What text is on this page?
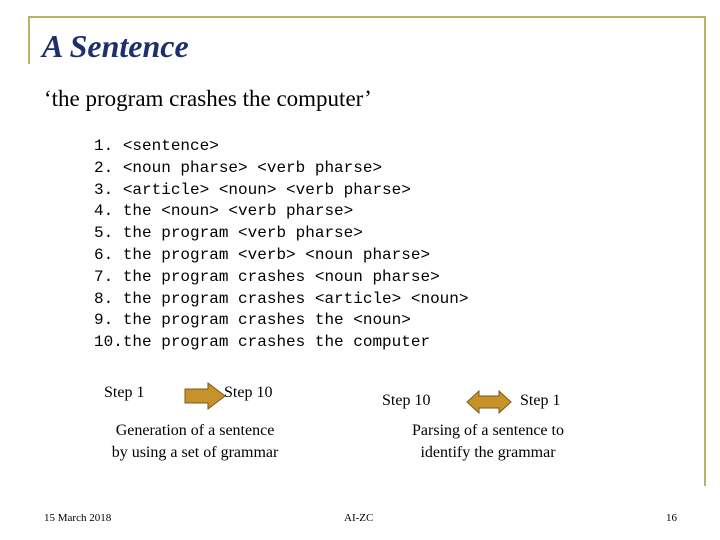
A Sentence
‘the program crashes the computer’
1. <sentence>
2. <noun pharse> <verb pharse>
3. <article> <noun> <verb pharse>
4. the <noun> <verb pharse>
5. the program <verb pharse>
6. the program <verb> <noun pharse>
7. the program crashes <noun pharse>
8. the program crashes <article> <noun>
9. the program crashes the <noun>
10.the program crashes the computer
Step 1	Step 10
Generation of a sentence
by using a set of grammar
Step 10	Step 1
Parsing of a sentence to
identify the grammar
15 March 2018	AI-ZC	16
